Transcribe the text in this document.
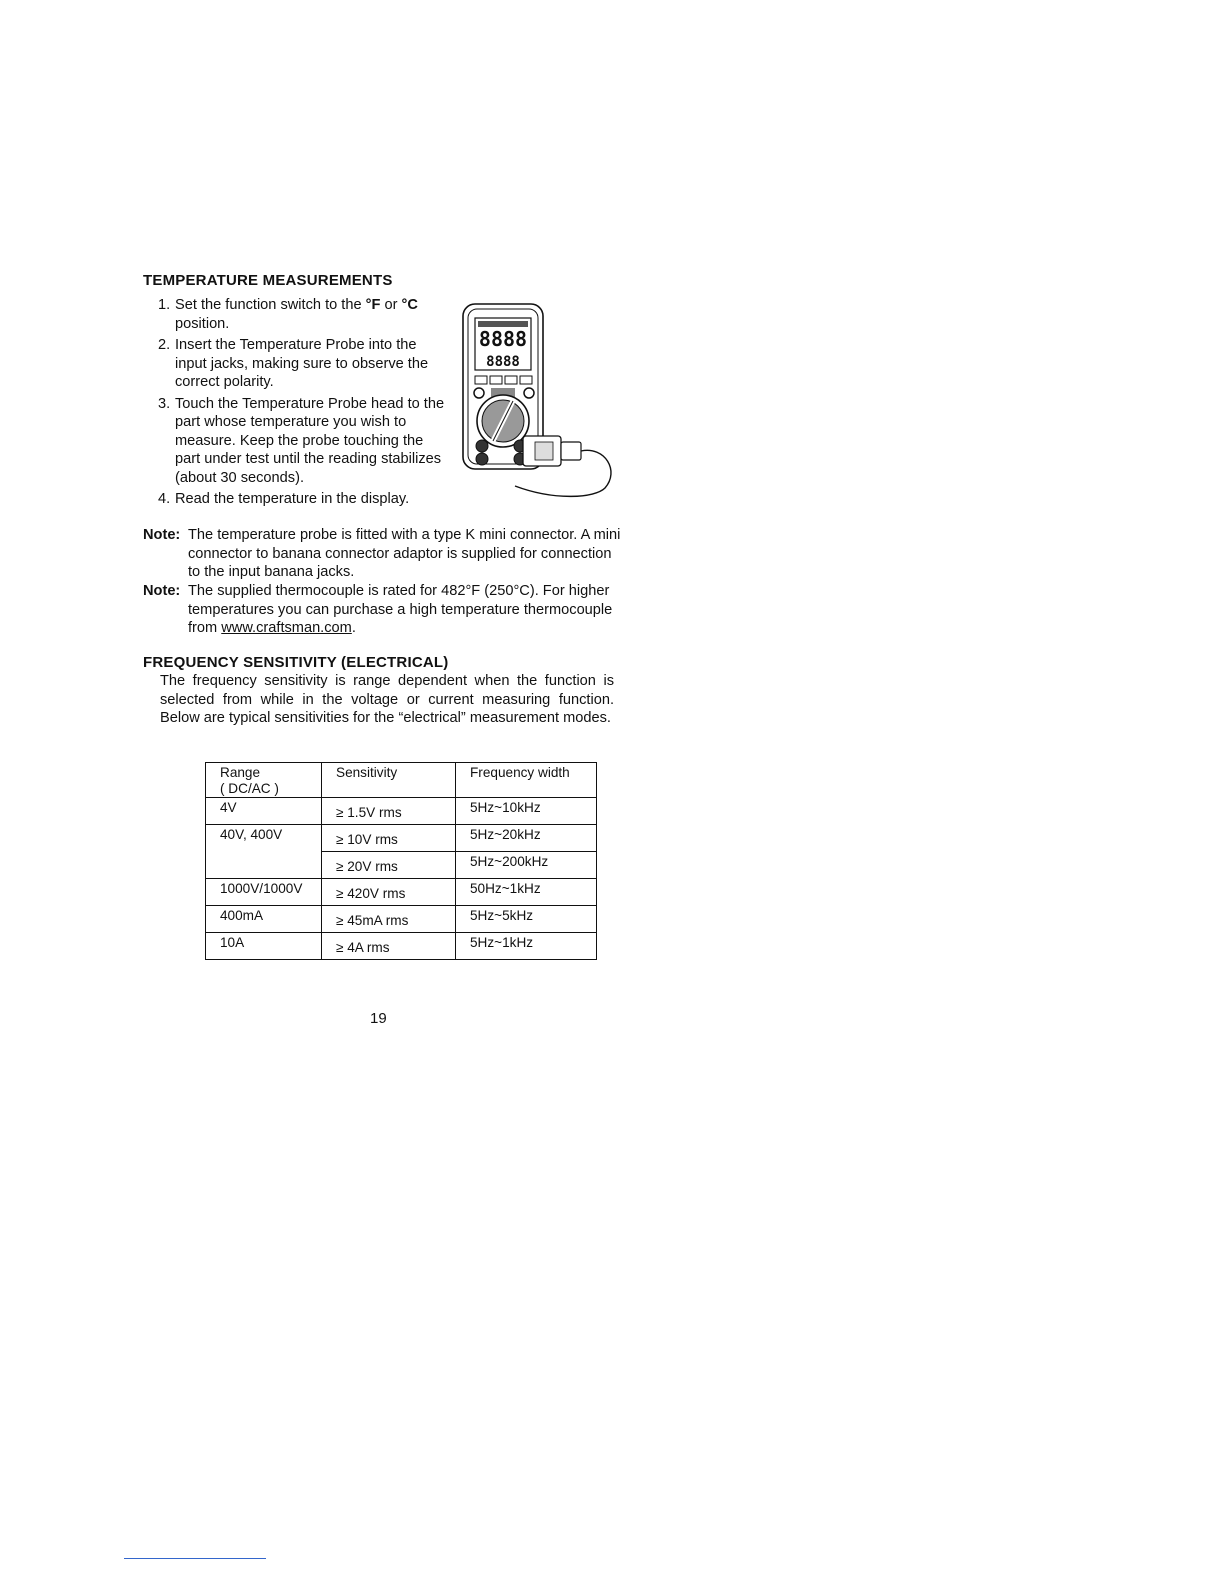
TEMPERATURE MEASUREMENTS
1. Set the function switch to the °F or °C position.
2. Insert the Temperature Probe into the input jacks, making sure to observe the correct polarity.
3. Touch the Temperature Probe head to the part whose temperature you wish to measure. Keep the probe touching the part under test until the reading stabilizes (about 30 seconds).
4. Read the temperature in the display.
8888
8888
Note: The temperature probe is fitted with a type K mini connector. A mini connector to banana connector adaptor is supplied for connection to the input banana jacks.
Note: The supplied thermocouple is rated for 482°F (250°C). For higher temperatures you can purchase a high temperature thermocouple from www.craftsman.com.
FREQUENCY SENSITIVITY (ELECTRICAL)
The frequency sensitivity is range dependent when the function is selected from while in the voltage or current measuring function. Below are typical sensitivities for the “electrical” measurement modes.
Range
( DC/AC )	Sensitivity	Frequency width
4V	≥ 1.5V rms	5Hz~10kHz
40V, 400V	≥ 10V rms	5Hz~20kHz
	≥ 20V rms	5Hz~200kHz
1000V/1000V	≥ 420V rms	50Hz~1kHz
400mA	≥ 45mA rms	5Hz~5kHz
10A	≥ 4A rms	5Hz~1kHz
19
